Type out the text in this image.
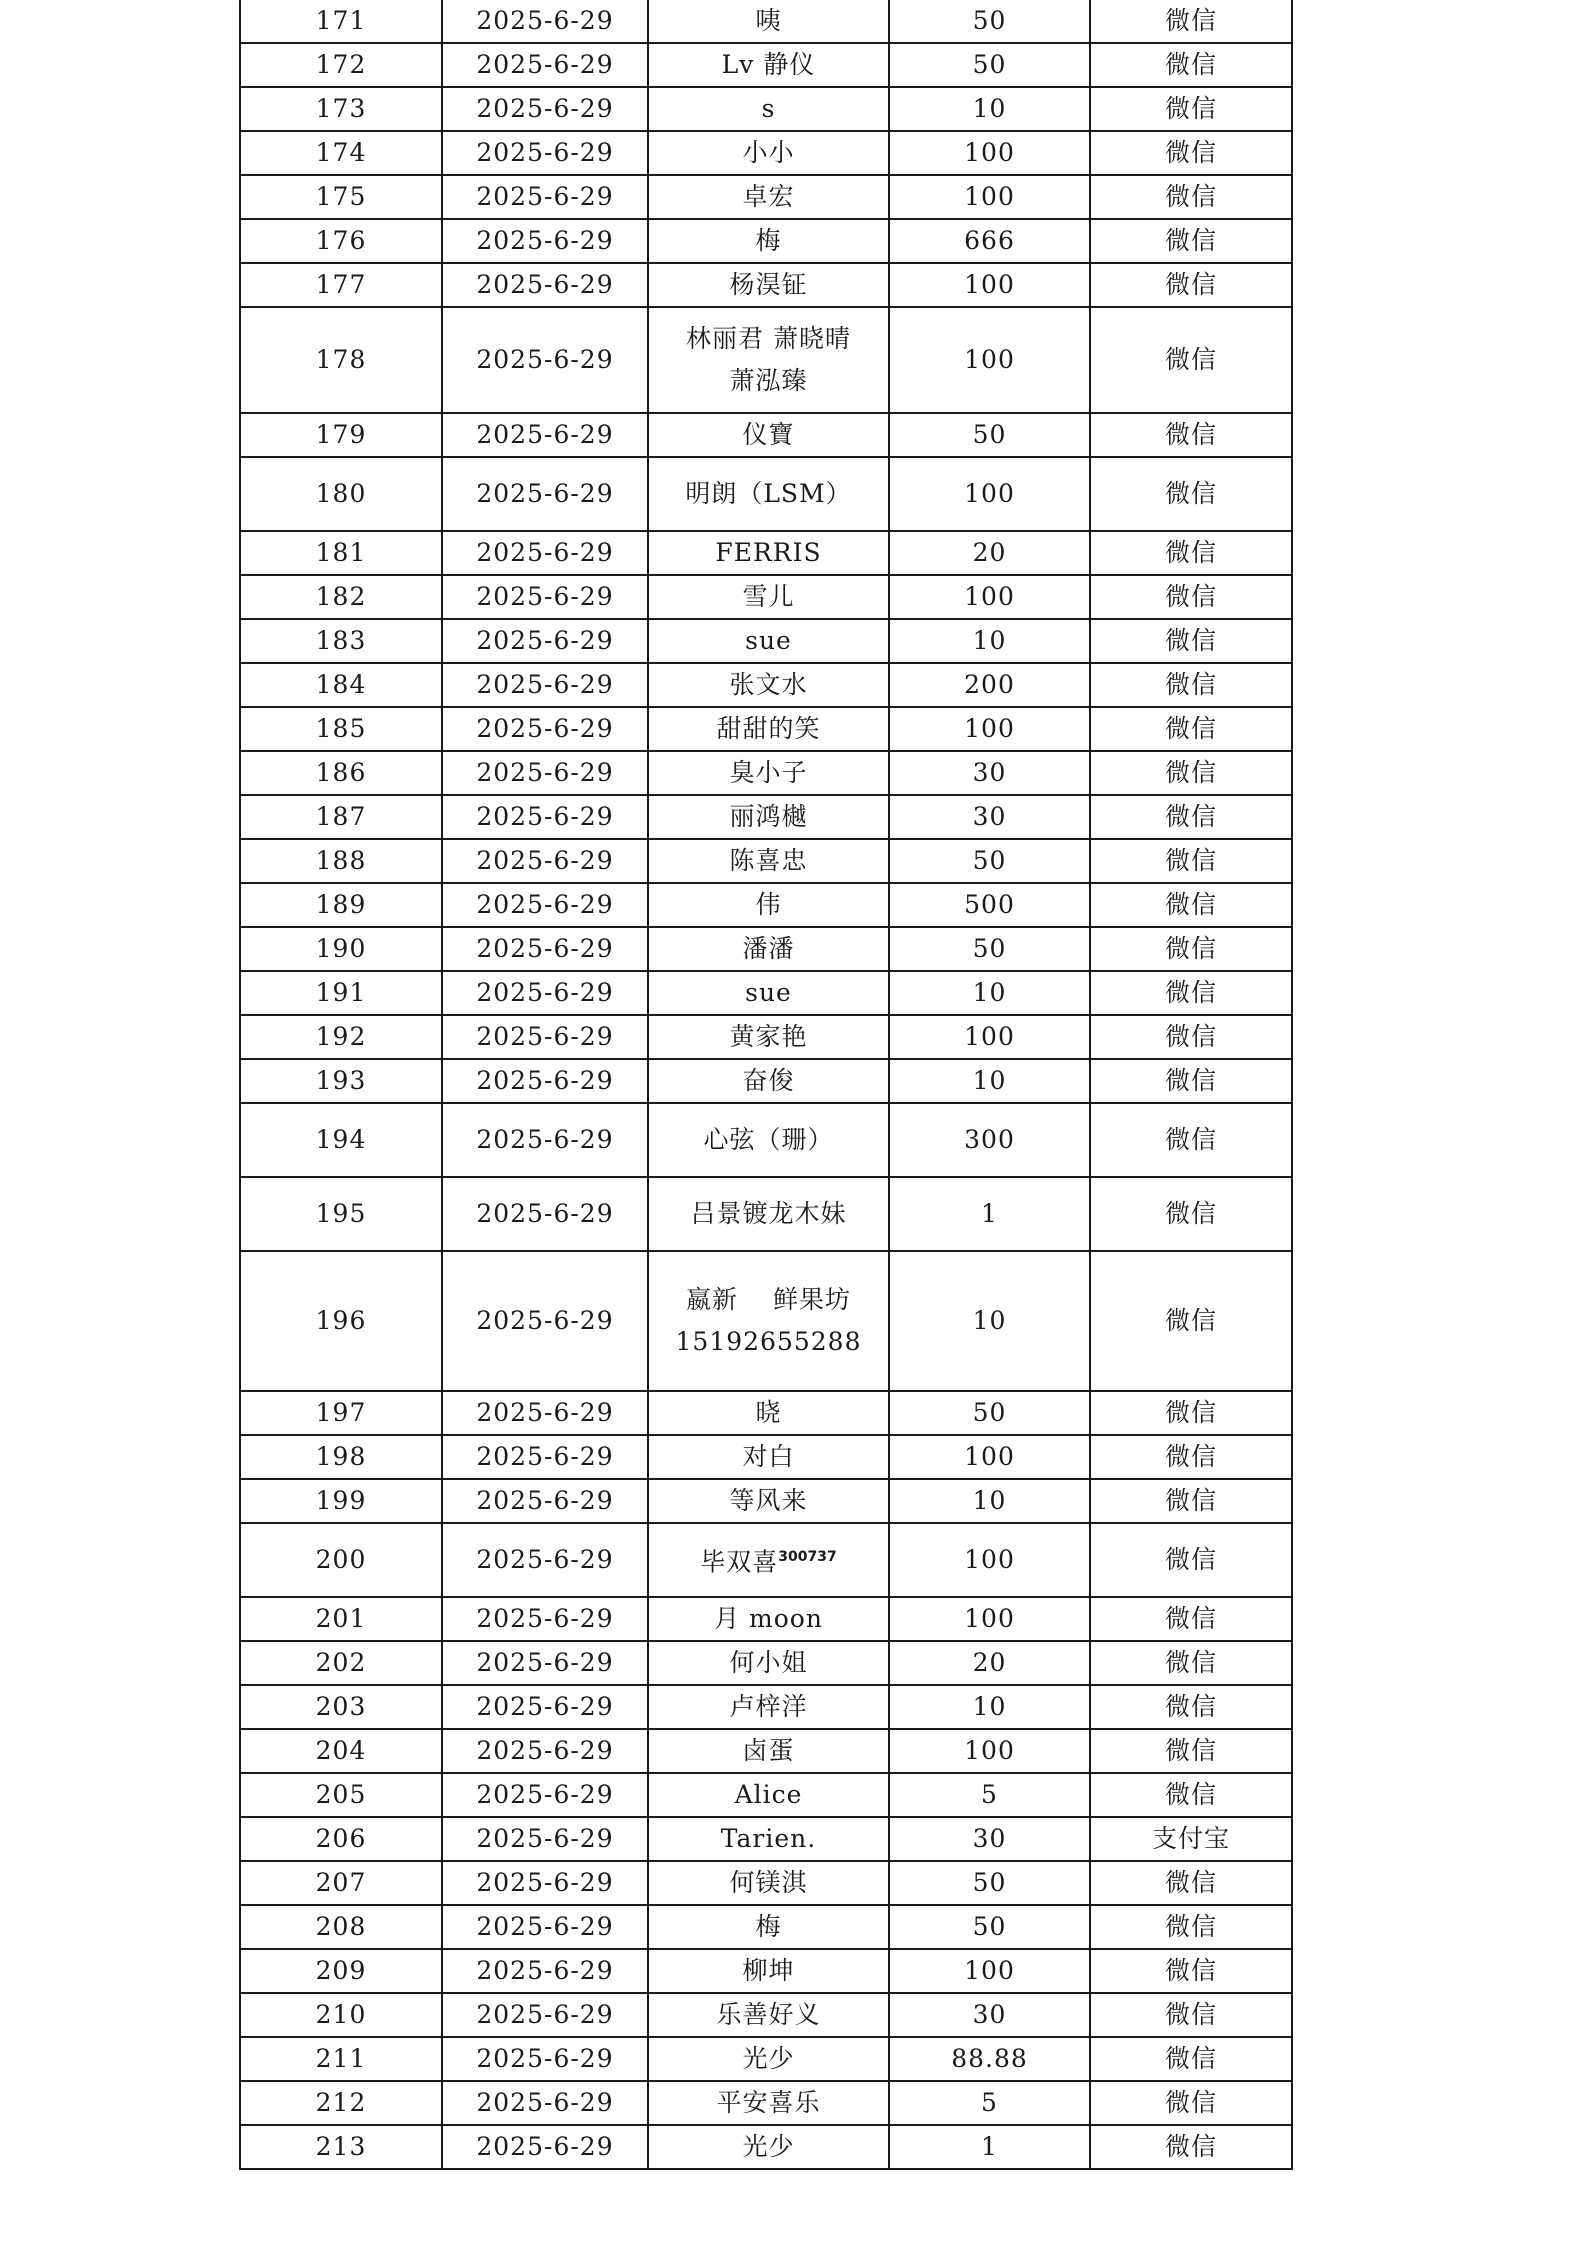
171	2025-6-29	咦	50	微信
172	2025-6-29	Lv 静仪	50	微信
173	2025-6-29	s	10	微信
174	2025-6-29	小小	100	微信
175	2025-6-29	卓宏	100	微信
176	2025-6-29	梅	666	微信
177	2025-6-29	杨淏钲	100	微信
178	2025-6-29	林丽君 萧晓晴
萧泓臻	100	微信
179	2025-6-29	仪寶	50	微信
180	2025-6-29	明朗（LSM）	100	微信
181	2025-6-29	FERRIS	20	微信
182	2025-6-29	雪儿	100	微信
183	2025-6-29	sue	10	微信
184	2025-6-29	张文水	200	微信
185	2025-6-29	甜甜的笑	100	微信
186	2025-6-29	臭小子	30	微信
187	2025-6-29	丽鸿樾	30	微信
188	2025-6-29	陈喜忠	50	微信
189	2025-6-29	伟	500	微信
190	2025-6-29	潘潘	50	微信
191	2025-6-29	sue	10	微信
192	2025-6-29	黄家艳	100	微信
193	2025-6-29	奋俊	10	微信
194	2025-6-29	心弦（珊）	300	微信
195	2025-6-29	吕景镀龙木妹	1	微信
196	2025-6-29	嬴新　 鲜果坊
15192655288	10	微信
197	2025-6-29	晓	50	微信
198	2025-6-29	对白	100	微信
199	2025-6-29	等风来	10	微信
200	2025-6-29	毕双喜$^{300737}$	100	微信
201	2025-6-29	月 moon	100	微信
202	2025-6-29	何小姐	20	微信
203	2025-6-29	卢梓洋	10	微信
204	2025-6-29	卤蛋	100	微信
205	2025-6-29	Alice	5	微信
206	2025-6-29	Tarien.	30	支付宝
207	2025-6-29	何镁淇	50	微信
208	2025-6-29	梅	50	微信
209	2025-6-29	柳坤	100	微信
210	2025-6-29	乐善好义	30	微信
211	2025-6-29	光少	88.88	微信
212	2025-6-29	平安喜乐	5	微信
213	2025-6-29	光少	1	微信
